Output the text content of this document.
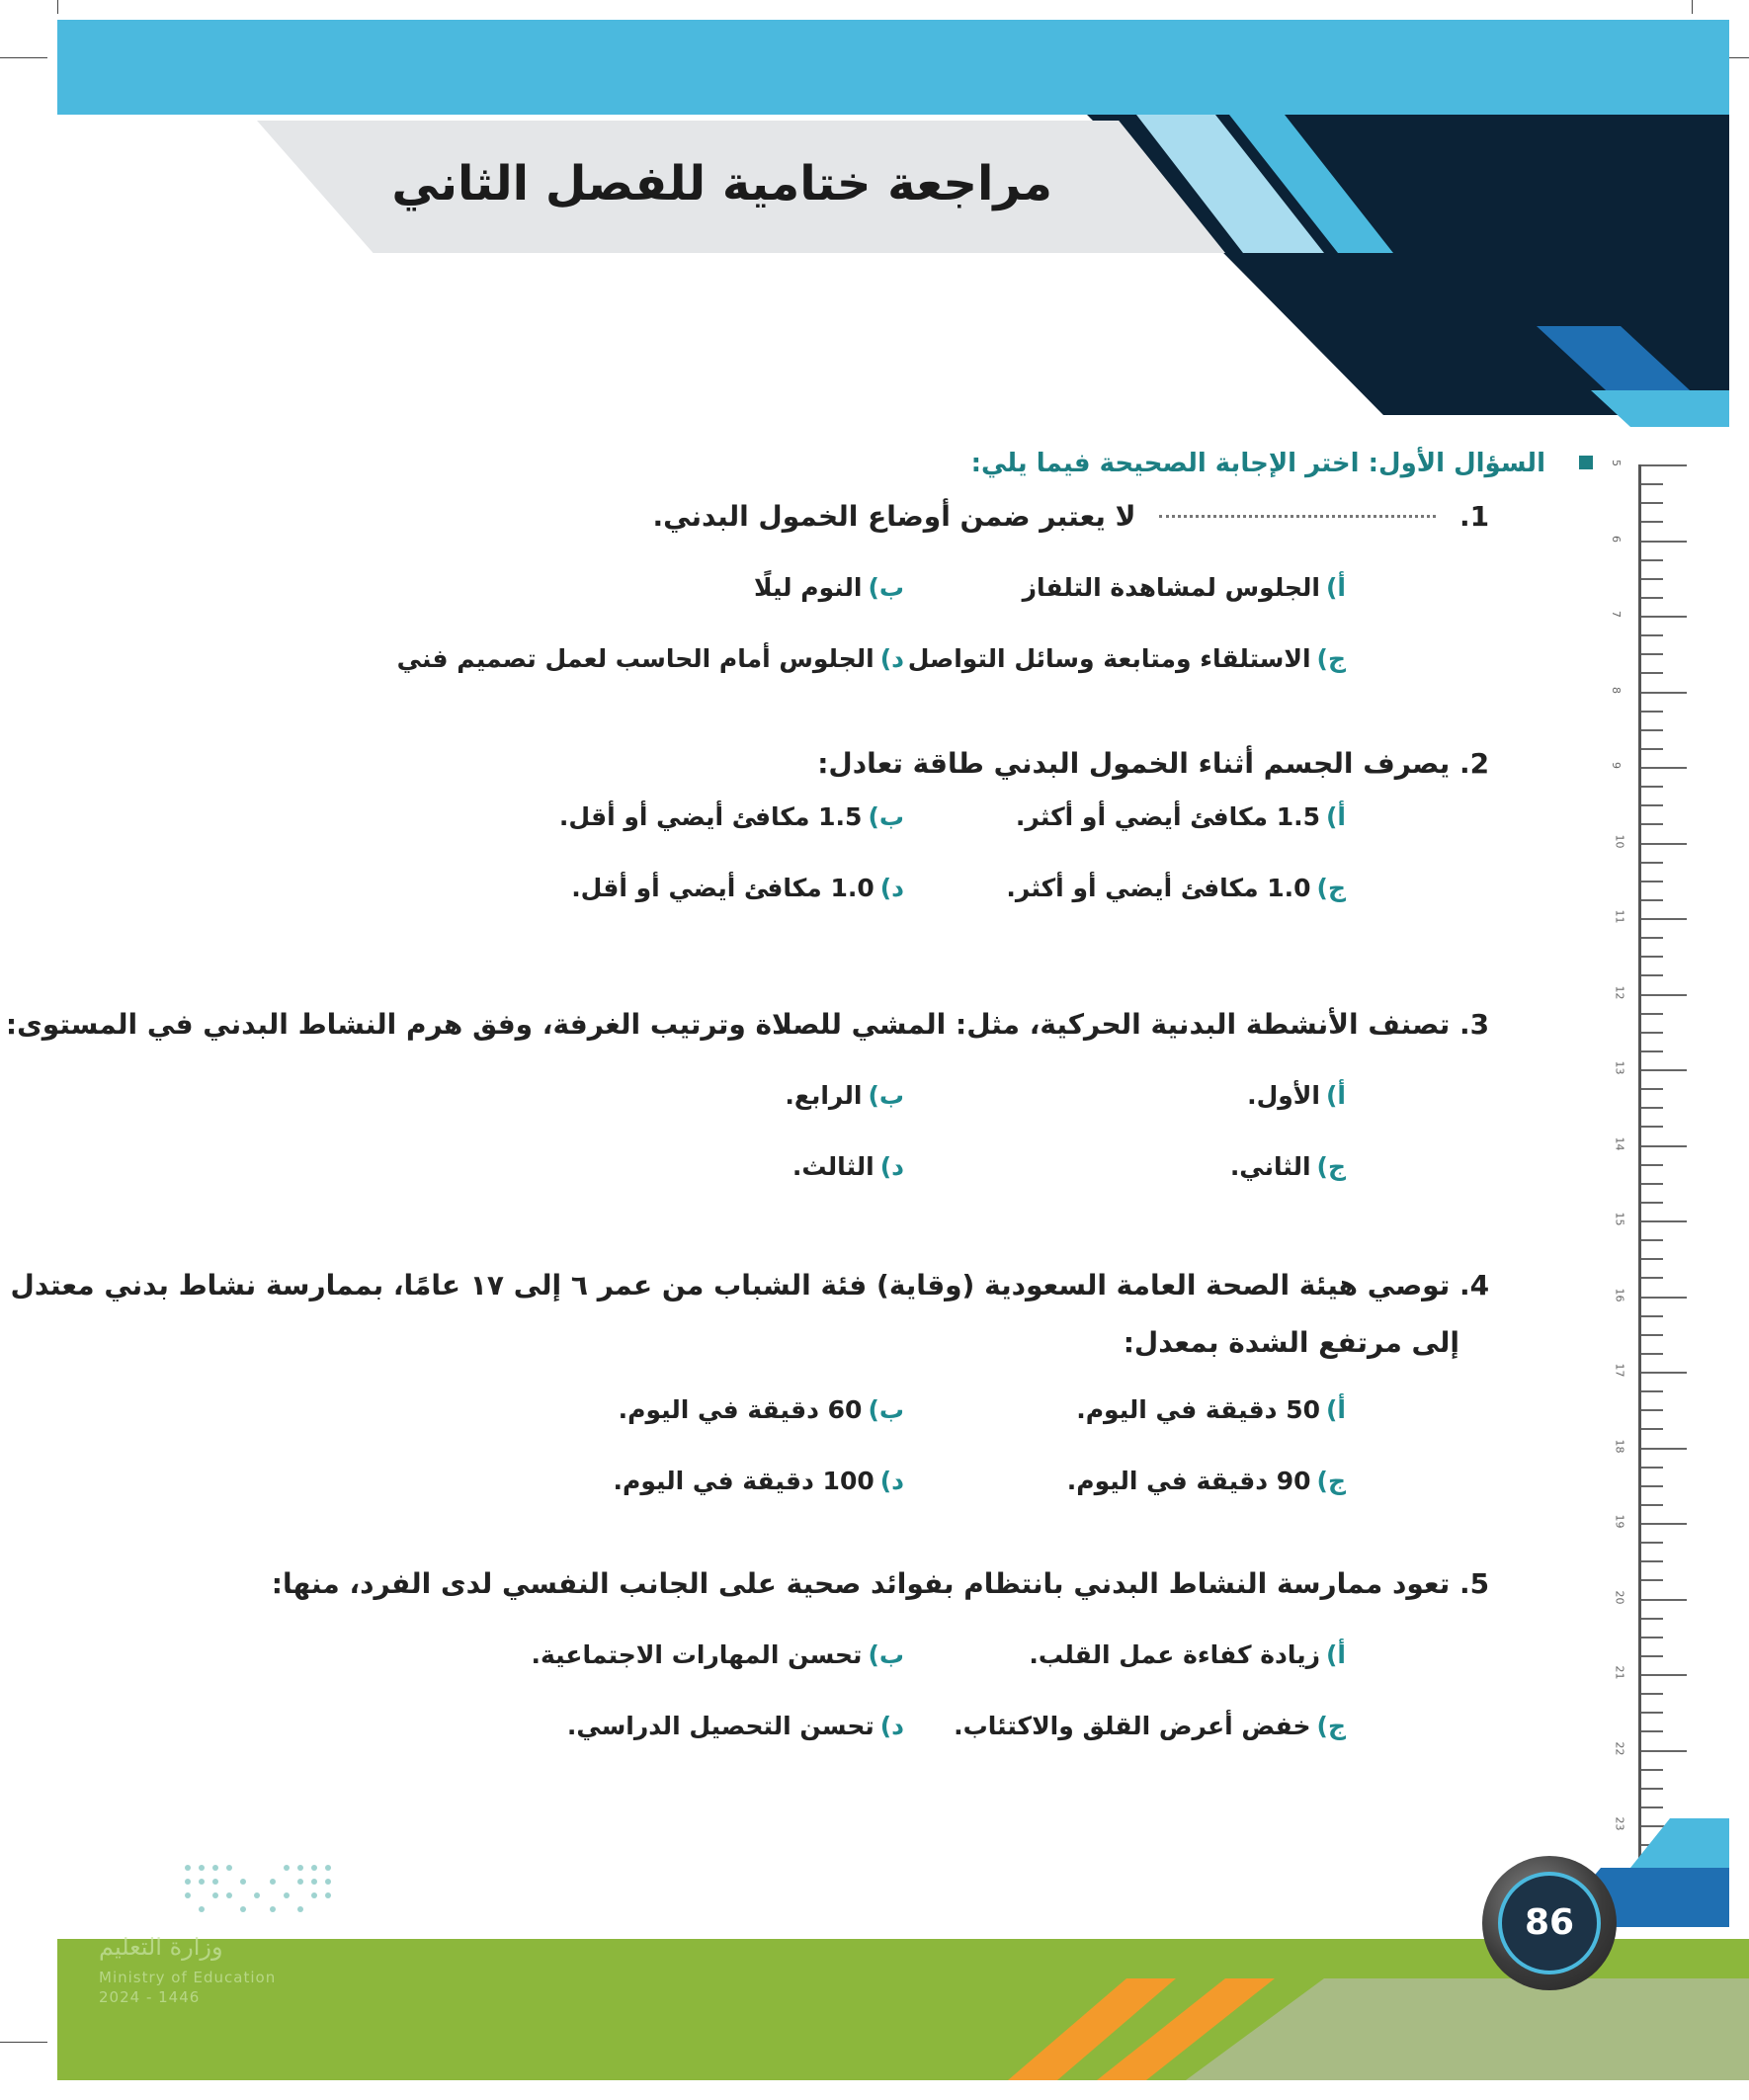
مراجعة ختامية للفصل الثاني
السؤال الأول: اختر الإجابة الصحيحة فيما يلي:
1.  لا يعتبر ضمن أوضاع الخمول البدني.
أ)الجلوس لمشاهدة التلفاز
ب)النوم ليلًا
ج)الاستلقاء ومتابعة وسائل التواصل
د)الجلوس أمام الحاسب لعمل تصميم فني
2. يصرف الجسم أثناء الخمول البدني طاقة تعادل:
أ)1.5 مكافئ أيضي أو أكثر.
ب)1.5 مكافئ أيضي أو أقل.
ج)1.0 مكافئ أيضي أو أكثر.
د)1.0 مكافئ أيضي أو أقل.
3. تصنف الأنشطة البدنية الحركية، مثل: المشي للصلاة وترتيب الغرفة، وفق هرم النشاط البدني في المستوى:
أ)الأول.
ب)الرابع.
ج)الثاني.
د)الثالث.
4. توصي هيئة الصحة العامة السعودية (وقاية) فئة الشباب من عمر ٦ إلى ١٧ عامًا، بممارسة نشاط بدني معتدل
إلى مرتفع الشدة بمعدل:
أ)50 دقيقة في اليوم.
ب)60 دقيقة في اليوم.
ج)90 دقيقة في اليوم.
د)100 دقيقة في اليوم.
5. تعود ممارسة النشاط البدني بانتظام بفوائد صحية على الجانب النفسي لدى الفرد، منها:
أ)زيادة كفاءة عمل القلب.
ب)تحسن المهارات الاجتماعية.
ج)خفض أعرض القلق والاكتئاب.
د)تحسن التحصيل الدراسي.
5
6
7
8
9
10
11
12
13
14
15
16
17
18
19
20
21
22
23
وزارة التعليم
Ministry of Education
2024 - 1446
86
